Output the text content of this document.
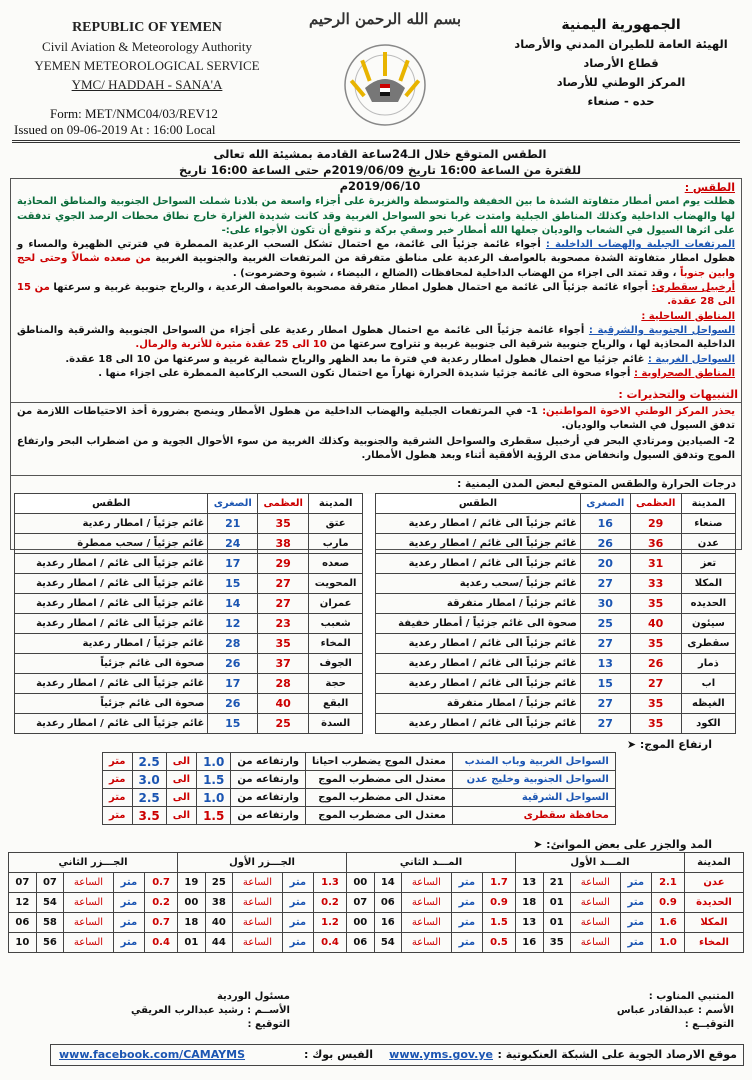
REPUBLIC OF YEMEN
Civil Aviation & Meteorology Authority
YEMEN METEOROLOGICAL SERVICE
YMC/ HADDAH - SANA'A
Form: MET/NMC04/03/REV12
Issued on 09-06-2019 At : 16:00 Local
بسم الله الرحمن الرحيم	الجمهورية اليمنية
الهيئة العامة للطيران المدني والأرصاد
قطاع الأرصاد
المركز الوطني للأرصاد
حده - صنعاء
الطقس المتوقع خلال الـ24ساعة القادمة بمشيئة الله تعالى
للفترة من الساعة 16:00 تاريخ 2019/06/09م حتى الساعة 16:00 تاريخ 2019/06/10م	الطقس :
هطلت يوم امس أمطار متفاوتة الشدة ما بين الخفيفة والمتوسطة والغزيرة على أجزاء واسعة من بلادنا شملت السواحل الجنوبية والمناطق المحاذية لها والهضاب الداخلية وكذلك المناطق الجبلية وامتدت غربا نحو السواحل الغربية وقد كانت شديدة الغزارة خارج نطاق محطات الرصد الجوي تدفقت على اثرها السيول في الشعاب والوديان جعلها الله أمطار خير وسقي بركة و نتوقع أن تكون الأجواء على:-
المرتفعات الجبلية والهضاب الداخلية : أجواء غائمة جزئياً الى غائمة، مع احتمال تشكل السحب الرعدية الممطرة في فترتي الظهيرة والمساء و هطول امطار متفاوتة الشدة مصحوبة بالعواصف الرعدية على مناطق متفرقة من المرتفعات الغربية والجنوبية الغربية من صعده شمالاً وحتى لحج وابين جنوباً ، وقد تمتد الى اجزاء من الهضاب الداخلية لمحافظات (الضالع ، البيضاء ، شبوة وحضرموت) .
أرخبيل سقطرى: أجواء غائمة جزئياً الى غائمة مع احتمال هطول امطار متفرقة مصحوبة بالعواصف الرعدية ، والرياح جنوبية غربية و سرعتها من 15 الى 28 عقدة.
المناطق الساحلية :
السواحل الجنوبية والشرقية : أجواء غائمة جزئياً الى غائمة مع احتمال هطول امطار رعدية على أجزاء من السواحل الجنوبية والشرقية والمناطق الداخلية المحاذية لها ، والرياح جنوبية شرقية الى جنوبية غربية و تتراوح سرعتها من 10 الى 25 عقدة مثيرة للأتربة والرمال.
السواحل الغربية : غائم جزئيا مع احتمال هطول امطار رعدية في فترة ما بعد الظهر والرياح شمالية غربية و سرعتها من 10 الى 18 عقدة.
المناطق الصحراوية : أجواء صحوة الى غائمة جزئيا شديدة الحرارة نهاراً مع احتمال تكون السحب الركامية الممطرة على اجزاء منها .
التنبيهات والتحذيرات :
يحذر المركز الوطني الاخوة المواطنين: 1- في المرتفعات الجبلية والهضاب الداخلية من هطول الأمطار وينصح بضرورة أخذ الاحتياطات اللازمة من تدفق السيول في الشعاب والوديان.
2- الصيادين ومرتادي البحر في أرخبيل سقطرى والسواحل الشرقية والجنوبية وكذلك الغربية من سوء الأحوال الجوية و من اضطراب البحر وارتفاع الموج وتدفق السيول وانخفاض مدى الرؤية الأفقية أثناء وبعد هطول الأمطار.
درجات الحرارة والطقس المتوقع لبعض المدن اليمنية :
المدينة	العظمى	الصغرى	الطقس		المدينة	العظمى	الصغرى	الطقس
صنعاء	29	16	غائم جزئياً الى غائم / امطار رعدية		عتق	35	21	غائم جزئياً / امطار رعدية
عدن	36	26	غائم جزئياً الى غائم / امطار رعدية		مارب	38	24	غائم جزئياً / سحب ممطرة
تعز	31	20	غائم جزئياً الى غائم / امطار رعدية		صعده	29	17	غائم جزئياً الى غائم / امطار رعدية
المكلا	33	27	غائم جزئياً /سحب رعدية		المحويت	27	15	غائم جزئياً الى غائم / امطار رعدية
الحديده	35	30	غائم جزئياً / امطار متفرقة		عمران	27	14	غائم جزئياً الى غائم / امطار رعدية
سيئون	40	25	صحوة الى غائم جزئياً / أمطار خفيفة		شعبب	23	12	غائم جزئياً الى غائم / امطار رعدية
سقطرى	35	27	غائم جزئياً الى غائم / امطار رعدية		المخاء	35	28	غائم جزئياً / امطار رعدية
ذمار	26	13	غائم جزئياً الى غائم / امطار رعدية		الجوف	37	26	صحوة الى غائم جزئياً
اب	27	15	غائم جزئياً الى غائم / امطار رعدية		حجة	28	17	غائم جزئياً الى غائم / امطار رعدية
الغيظه	35	27	غائم جزئياً / امطار متفرقة		البقع	40	26	صحوة الى غائم جزئياً
الكود	35	27	غائم جزئياً الى غائم / امطار رعدية		السدة	25	15	غائم جزئياً الى غائم / امطار رعدية
ارتفاع الموج: ➤
السواحل الغربية وباب المندب	معتدل الموج يضطرب احيانا	وارتفاعه من	1.0	الى	2.5	متر
السواحل الجنوبية وخليج عدن	معتدل الى مضطرب الموج	وارتفاعه من	1.5	الى	3.0	متر
السواحل الشرقية	معتدل الى مضطرب الموج	وارتفاعه من	1.0	الى	2.5	متر
محافظة سقطرى	معتدل الى مضطرب الموج	وارتفاعه من	1.5	الى	3.5	متر
المد والجزر على بعض الموانئ: ➤
المدينة	المـــد الأول					المـــد الثاني					الجـــزر الأول					الجـــزر الثاني				
عدن	2.1	متر	الساعة	21	13	1.7	متر	الساعة	14	00	1.3	متر	الساعة	25	19	0.7	متر	الساعة	07	07
الحديدة	0.9	متر	الساعة	01	18	0.9	متر	الساعة	06	07	0.2	متر	الساعة	38	00	0.2	متر	الساعة	54	12
المكلا	1.6	متر	الساعة	01	13	1.5	متر	الساعة	16	00	1.2	متر	الساعة	40	18	0.7	متر	الساعة	58	06
المخاء	1.0	متر	الساعة	35	16	0.5	متر	الساعة	54	06	0.4	متر	الساعة	44	01	0.4	متر	الساعة	56	10
المتنبي المناوب :
الأسم : عبدالقادر عباس
التوقيــع :
مسئول الوردية
الأســم : رشيد عبدالرب العريقي
التوقيع :
موقع الارصاد الجوية على الشبكة العنكبوتية :
www.yms.gov.ye
الفيس بوك :
www.facebook.com/CAMAYMS
